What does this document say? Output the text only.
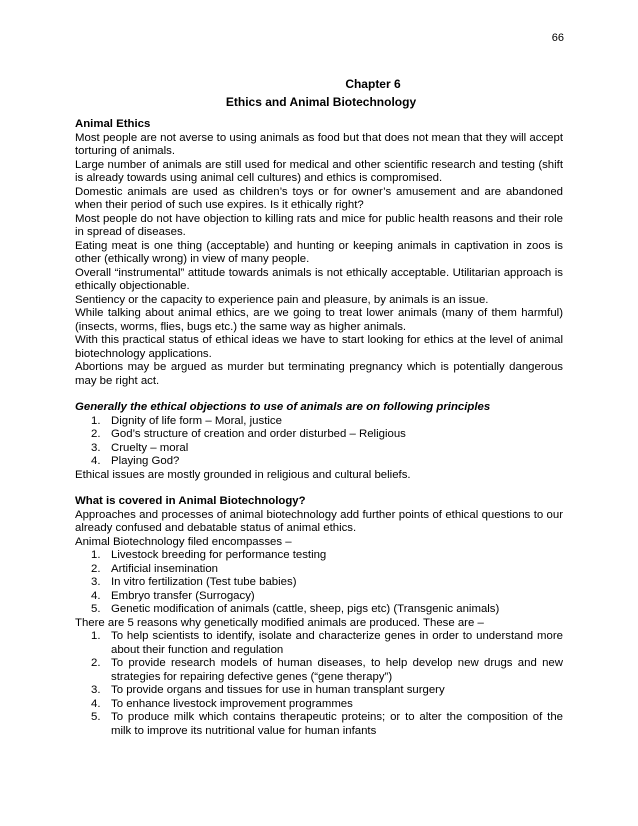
66
Chapter 6
Ethics and Animal Biotechnology
Animal Ethics
Most people are not averse to using animals as food but that does not mean that they will accept torturing of animals.
Large number of animals are still used for medical and other scientific research and testing (shift is already towards using animal cell cultures) and ethics is compromised.
Domestic animals are used as children’s toys or for owner’s amusement and are abandoned when their period of such use expires. Is it ethically right?
Most people do not have objection to killing rats and mice for public health reasons and their role in spread of diseases.
Eating meat is one thing (acceptable) and hunting or keeping animals in captivation in zoos is other (ethically wrong) in view of many people.
Overall “instrumental” attitude towards animals is not ethically acceptable. Utilitarian approach is ethically objectionable.
Sentiency or the capacity to experience pain and pleasure, by animals is an issue.
While talking about animal ethics, are we going to treat lower animals (many of them harmful) (insects, worms, flies, bugs etc.) the same way as higher animals.
With this practical status of ethical ideas we have to start looking for ethics at the level of animal biotechnology applications.
Abortions may be argued as murder but terminating pregnancy which is potentially dangerous may be right act.
Generally the ethical objections to use of animals are on following principles
1. Dignity of life form – Moral, justice
2. God’s structure of creation and order disturbed – Religious
3. Cruelty – moral
4. Playing God?
Ethical issues are mostly grounded in religious and cultural beliefs.
What is covered in Animal Biotechnology?
Approaches and processes of animal biotechnology add further points of ethical questions to our already confused and debatable status of animal ethics.
Animal Biotechnology filed encompasses –
1. Livestock breeding for performance testing
2. Artificial insemination
3. In vitro fertilization (Test tube babies)
4. Embryo transfer (Surrogacy)
5. Genetic modification of animals (cattle, sheep, pigs etc) (Transgenic animals)
There are 5 reasons why genetically modified animals are produced. These are –
1. To help scientists to identify, isolate and characterize genes in order to understand more about their function and regulation
2. To provide research models of human diseases, to help develop new drugs and new strategies for repairing defective genes (“gene therapy”)
3. To provide organs and tissues for use in human transplant surgery
4. To enhance livestock improvement programmes
5. To produce milk which contains therapeutic proteins; or to alter the composition of the milk to improve its nutritional value for human infants
